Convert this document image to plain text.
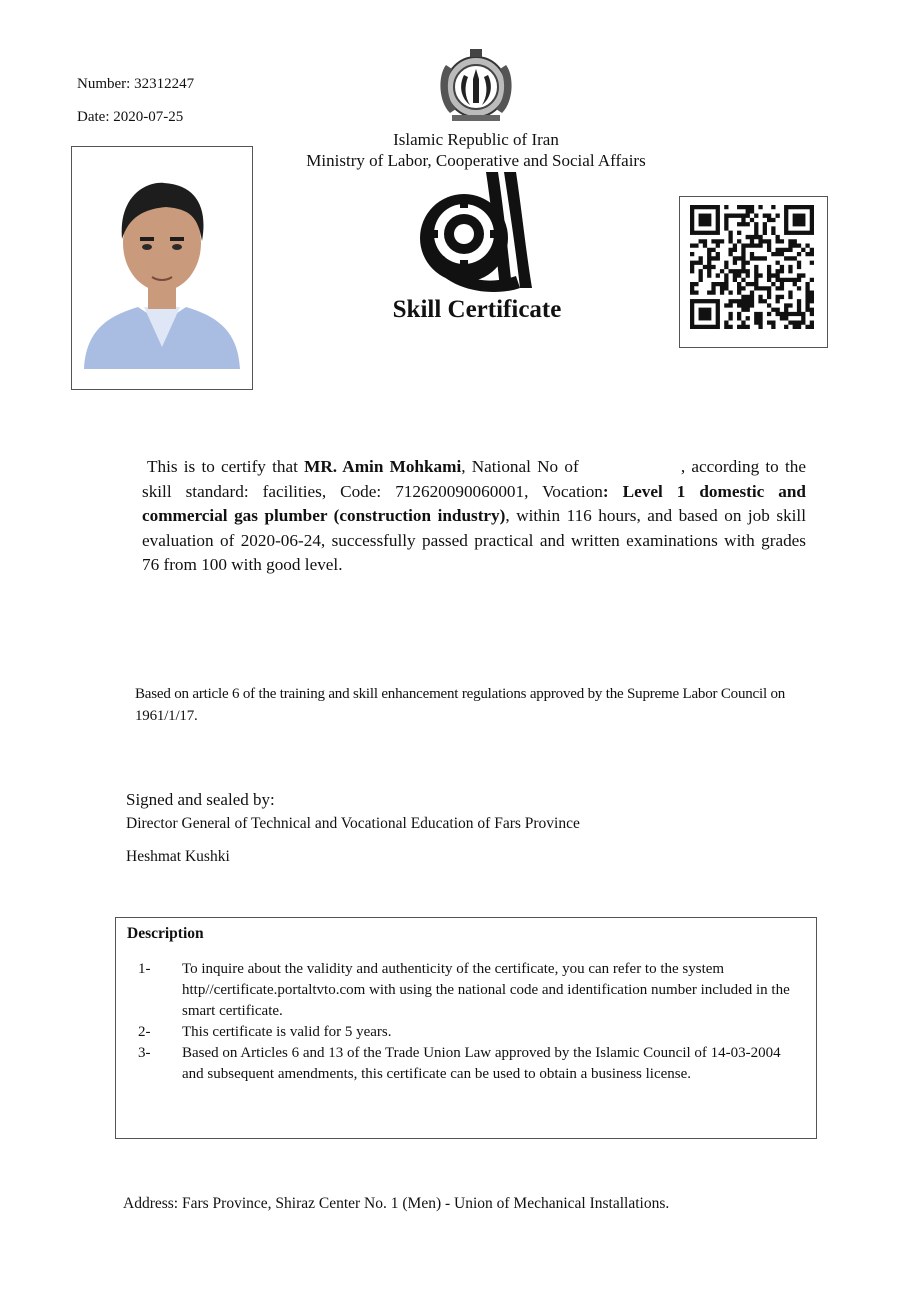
Number: 32312247
Date: 2020-07-25
Islamic Republic of Iran
Ministry of Labor, Cooperative and Social Affairs
Skill Certificate
This is to certify that MR. Amin Mohkami, National No of	, according to the skill standard: facilities, Code: 712620090060001, Vocation: Level 1 domestic and commercial gas plumber (construction industry), within 116 hours, and based on job skill evaluation of 2020-06-24, successfully passed practical and written examinations with grades 76 from 100 with good level.
Based on article 6 of the training and skill enhancement regulations approved by the Supreme Labor Council on 1961/1/17.
Signed and sealed by:
Director General of Technical and Vocational Education of Fars Province
Heshmat Kushki
Description
1- To inquire about the validity and authenticity of the certificate, you can refer to the system http//certificate.portaltvto.com with using the national code and identification number included in the smart certificate.
2- This certificate is valid for 5 years.
3- Based on Articles 6 and 13 of the Trade Union Law approved by the Islamic Council of 14-03-2004 and subsequent amendments, this certificate can be used to obtain a business license.
Address: Fars Province, Shiraz Center No. 1 (Men) - Union of Mechanical Installations.
